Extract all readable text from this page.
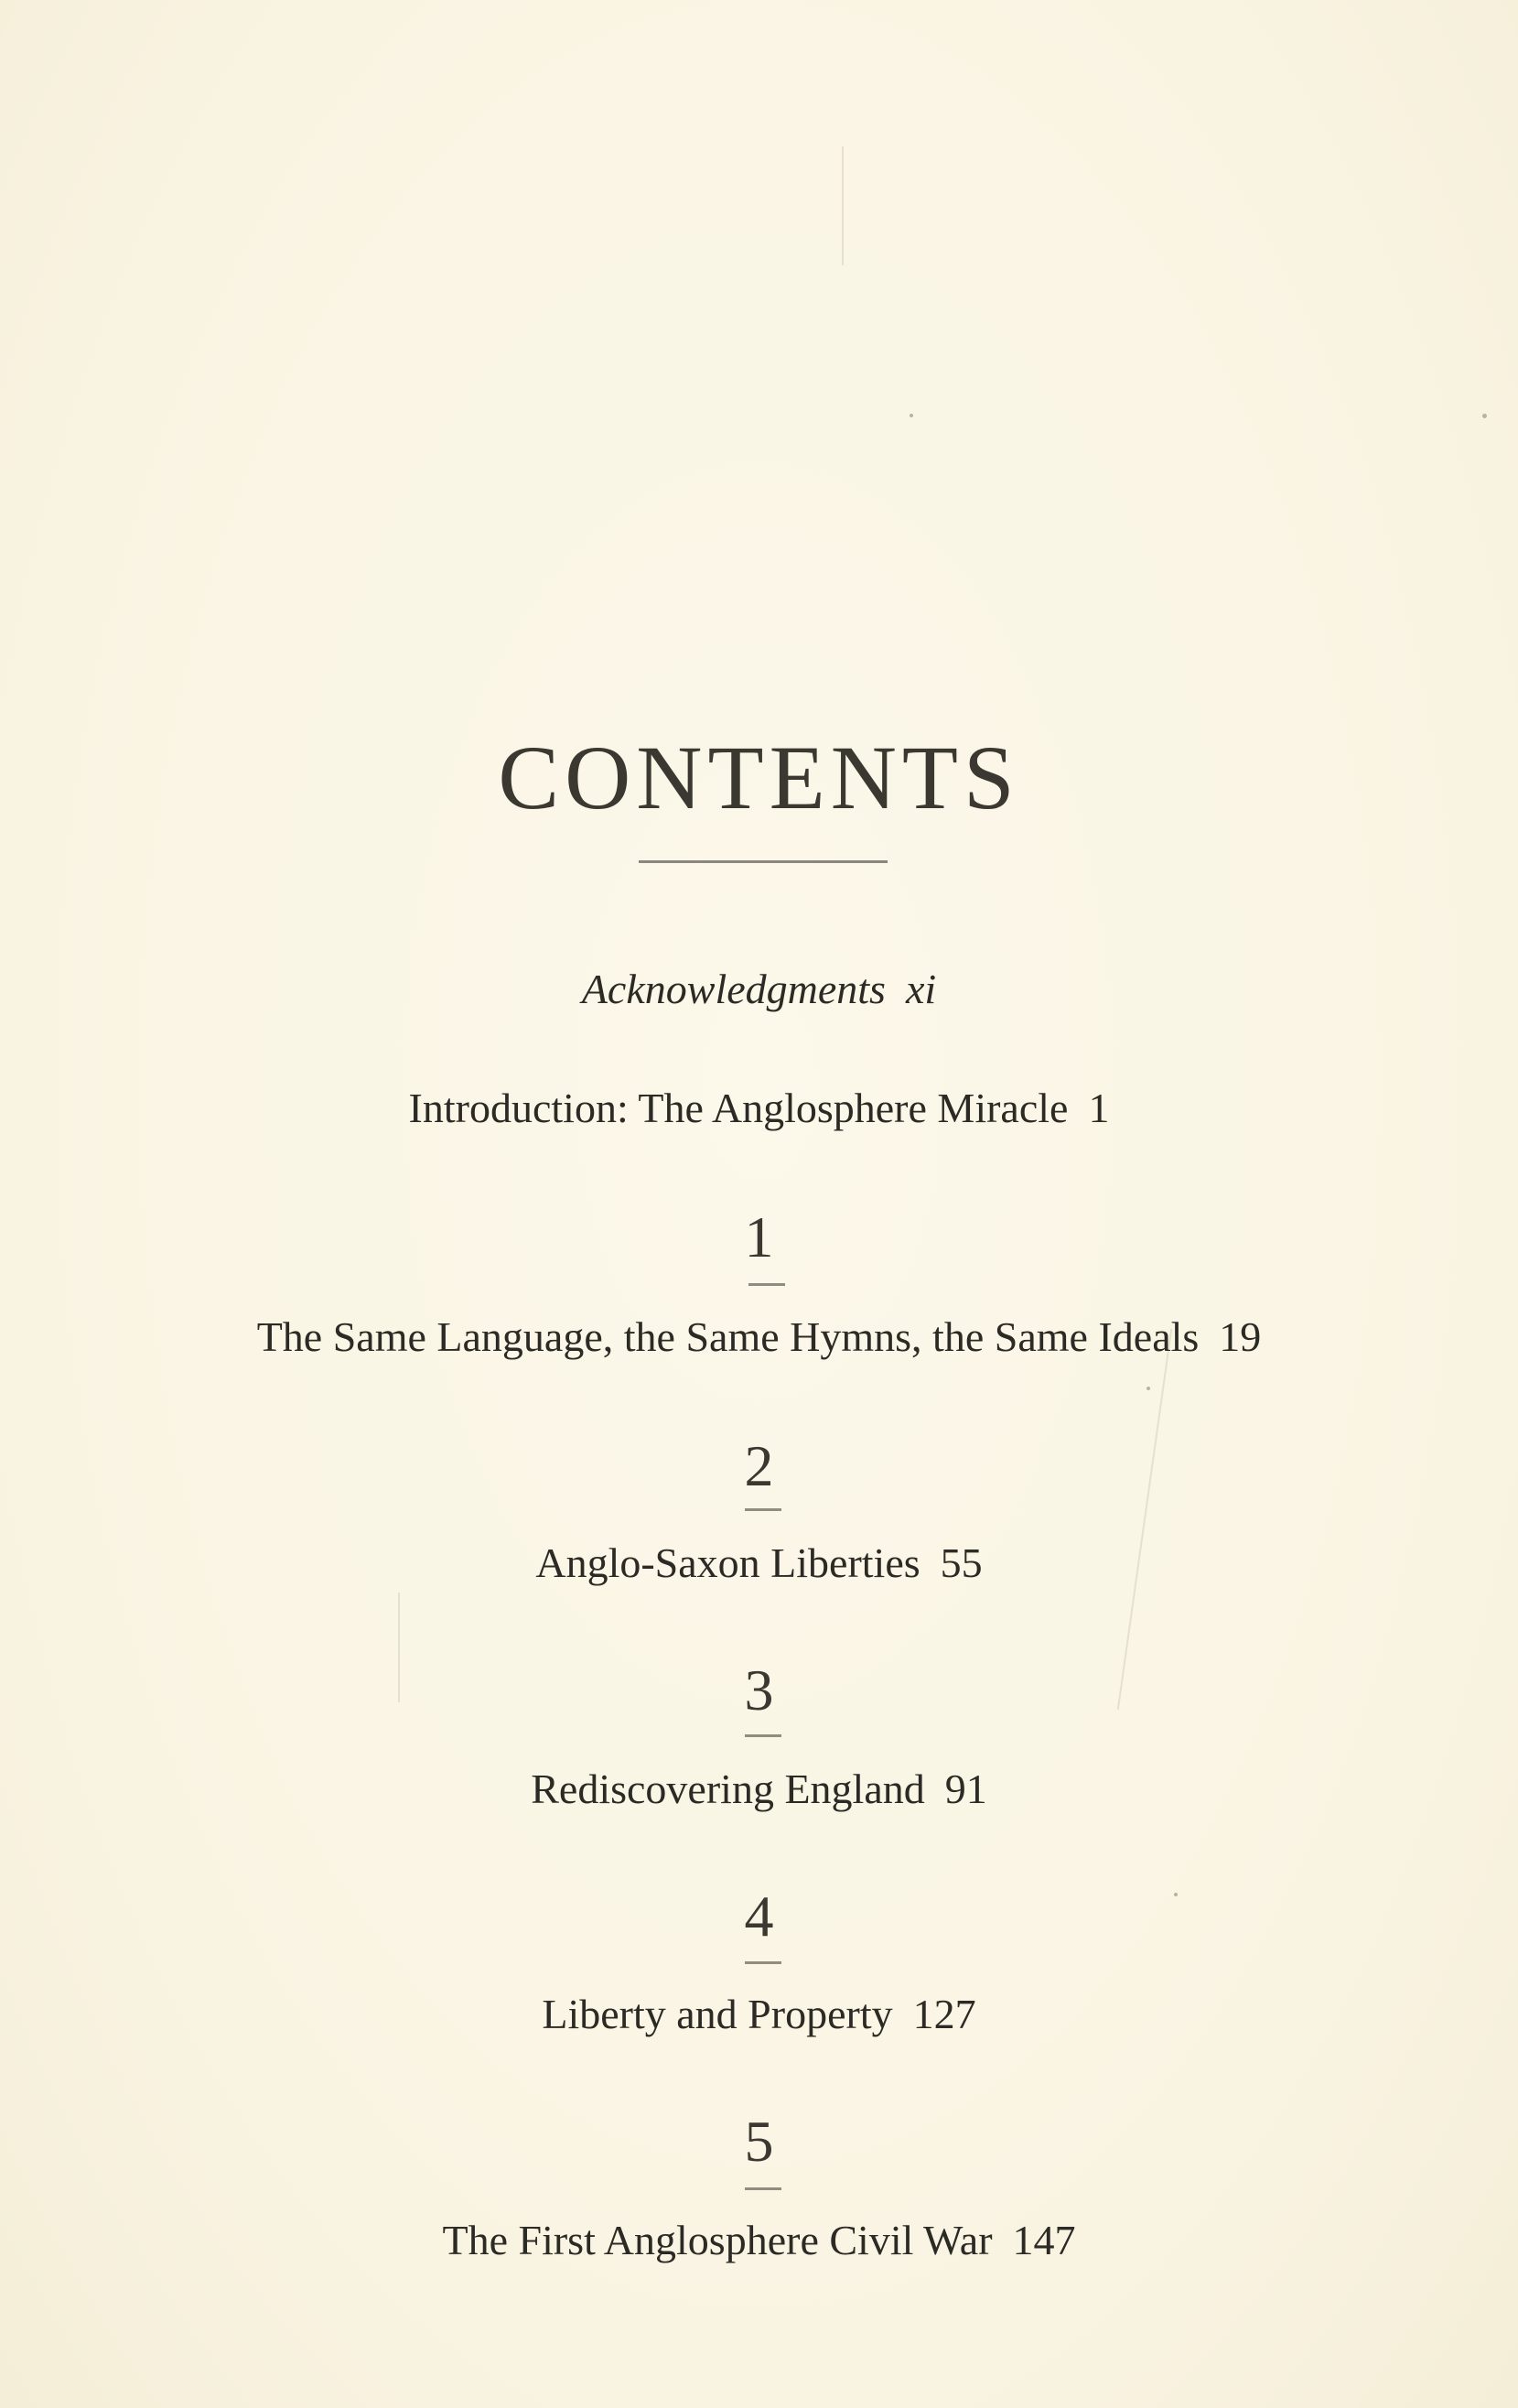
CONTENTS
Acknowledgments xi
Introduction: The Anglosphere Miracle 1
1
The Same Language, the Same Hymns, the Same Ideals 19
2
Anglo-Saxon Liberties 55
3
Rediscovering England 91
4
Liberty and Property 127
5
The First Anglosphere Civil War 147
